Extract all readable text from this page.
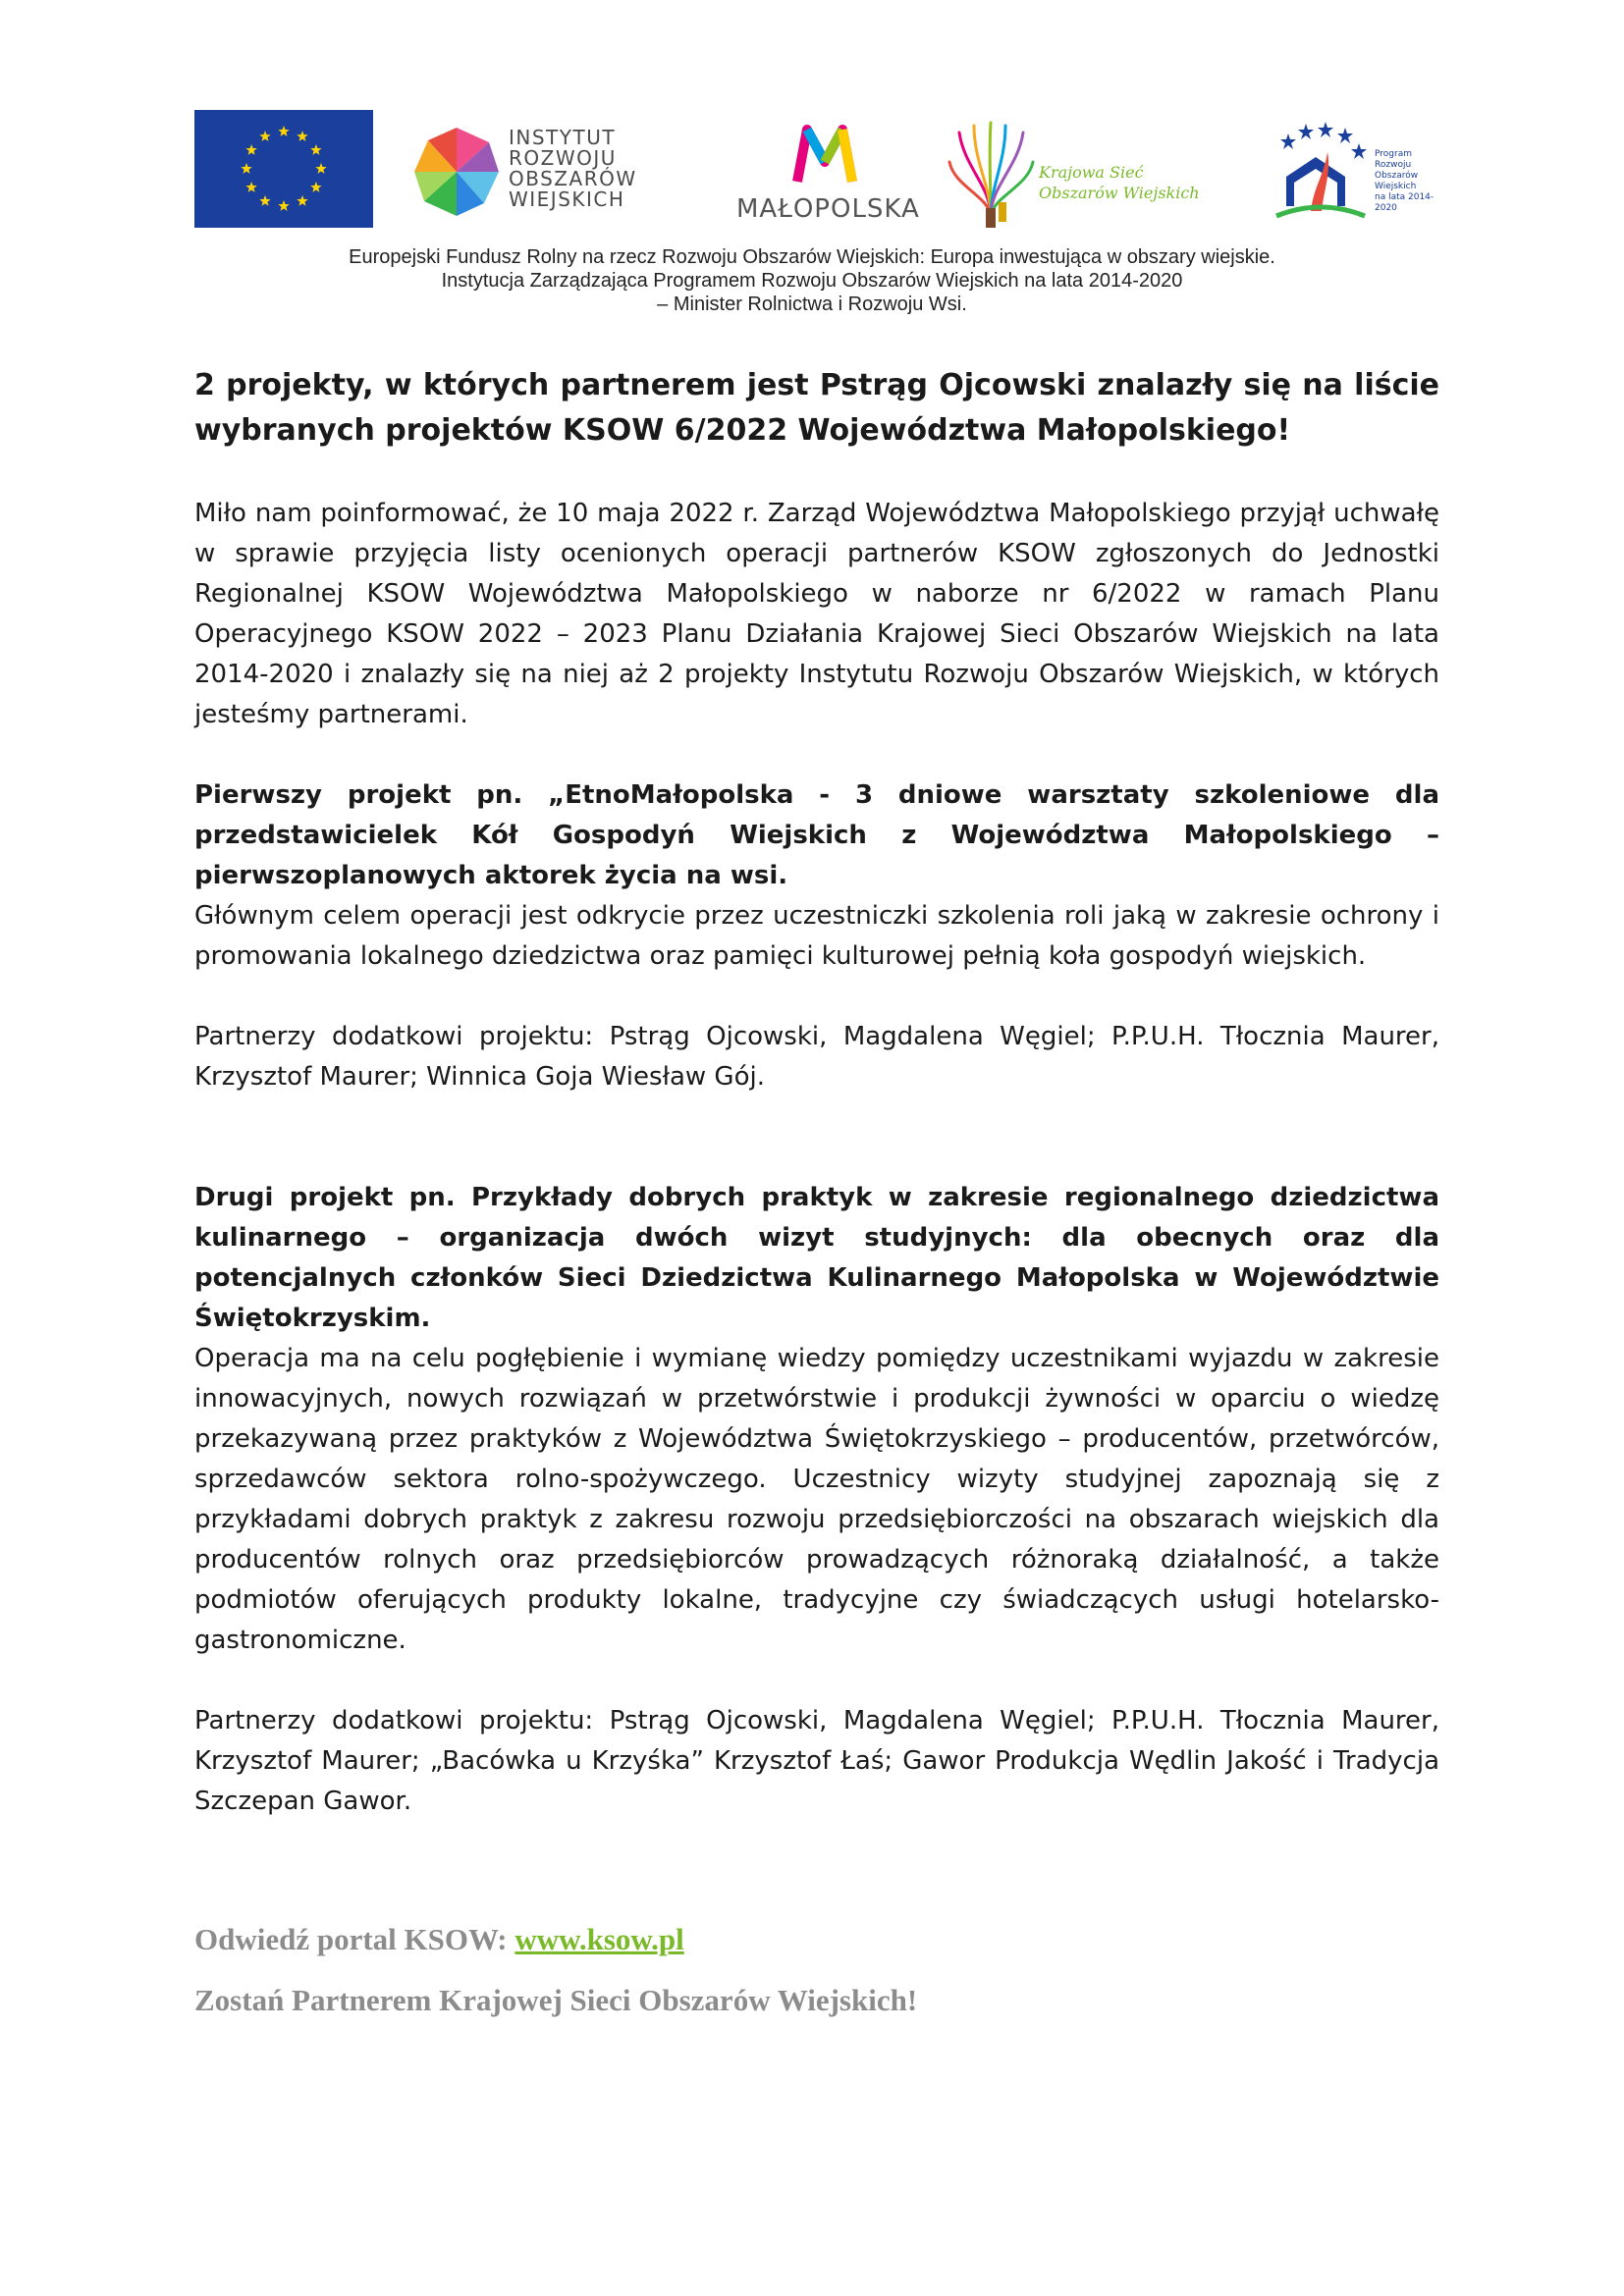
INSTYTUT
ROZWOJU
OBSZARÓW
WIEJSKICH	MAŁOPOLSKA
Krajowa Sieć
Obszarów Wiejskich
Program
Rozwoju
Obszarów
Wiejskich
na lata 2014-2020
Europejski Fundusz Rolny na rzecz Rozwoju Obszarów Wiejskich: Europa inwestująca w obszary wiejskie.
Instytucja Zarządzająca Programem Rozwoju Obszarów Wiejskich na lata 2014-2020
– Minister Rolnictwa i Rozwoju Wsi.

2 projekty, w których partnerem jest Pstrąg Ojcowski znalazły się na liście wybranych projektów KSOW 6/2022 Województwa Małopolskiego!

Miło nam poinformować, że 10 maja 2022 r. Zarząd Województwa Małopolskiego przyjął uchwałę w sprawie przyjęcia listy ocenionych operacji partnerów KSOW zgłoszonych do Jednostki Regionalnej KSOW Województwa Małopolskiego w naborze nr 6/2022 w ramach Planu Operacyjnego KSOW 2022 – 2023 Planu Działania Krajowej Sieci Obszarów Wiejskich na lata 2014-2020 i znalazły się na niej aż 2 projekty Instytutu Rozwoju Obszarów Wiejskich, w których jesteśmy partnerami.

Pierwszy projekt pn. „EtnoMałopolska - 3 dniowe warsztaty szkoleniowe dla przedstawicielek Kół Gospodyń Wiejskich z Województwa Małopolskiego – pierwszoplanowych aktorek życia na wsi.
Głównym celem operacji jest odkrycie przez uczestniczki szkolenia roli jaką w zakresie ochrony i promowania lokalnego dziedzictwa oraz pamięci kulturowej pełnią koła gospodyń wiejskich.

Partnerzy dodatkowi projektu: Pstrąg Ojcowski, Magdalena Węgiel; P.P.U.H. Tłocznia Maurer, Krzysztof Maurer; Winnica Goja Wiesław Gój.

Drugi projekt pn. Przykłady dobrych praktyk w zakresie regionalnego dziedzictwa kulinarnego – organizacja dwóch wizyt studyjnych: dla obecnych oraz dla potencjalnych członków Sieci Dziedzictwa Kulinarnego Małopolska w Województwie Świętokrzyskim.
Operacja ma na celu pogłębienie i wymianę wiedzy pomiędzy uczestnikami wyjazdu w zakresie innowacyjnych, nowych rozwiązań w przetwórstwie i produkcji żywności w oparciu o wiedzę przekazywaną przez praktyków z Województwa Świętokrzyskiego – producentów, przetwórców, sprzedawców sektora rolno-spożywczego. Uczestnicy wizyty studyjnej zapoznają się z przykładami dobrych praktyk z zakresu rozwoju przedsiębiorczości na obszarach wiejskich dla producentów rolnych oraz przedsiębiorców prowadzących różnoraką działalność, a także podmiotów oferujących produkty lokalne, tradycyjne czy świadczących usługi hotelarsko-gastronomiczne.

Partnerzy dodatkowi projektu: Pstrąg Ojcowski, Magdalena Węgiel; P.P.U.H. Tłocznia Maurer, Krzysztof Maurer; „Bacówka u Krzyśka” Krzysztof Łaś; Gawor Produkcja Wędlin Jakość i Tradycja Szczepan Gawor.

Odwiedź portal KSOW: www.ksow.pl
Zostań Partnerem Krajowej Sieci Obszarów Wiejskich!
